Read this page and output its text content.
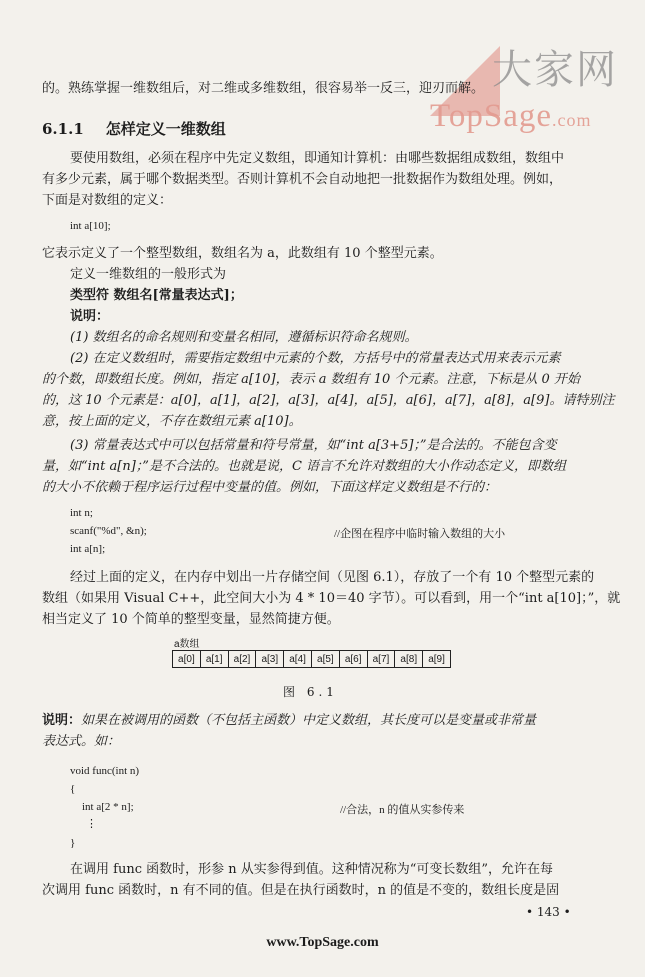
大家网
TopSage.com
的。熟练掌握一维数组后，对二维或多维数组，很容易举一反三，迎刃而解。
6.1.1 怎样定义一维数组
要使用数组，必须在程序中先定义数组，即通知计算机：由哪些数据组成数组，数组中
有多少元素，属于哪个数据类型。否则计算机不会自动地把一批数据作为数组处理。例如，
下面是对数组的定义：
int a[10];
它表示定义了一个整型数组，数组名为 a，此数组有 10 个整型元素。
定义一维数组的一般形式为
类型符 数组名[常量表达式]；
说明：
(1) 数组名的命名规则和变量名相同，遵循标识符命名规则。
(2) 在定义数组时，需要指定数组中元素的个数，方括号中的常量表达式用来表示元素
的个数，即数组长度。例如，指定 a[10]，表示 a 数组有 10 个元素。注意，下标是从 0 开始
的，这 10 个元素是：a[0]，a[1]，a[2]，a[3]，a[4]，a[5]，a[6]，a[7]，a[8]，a[9]。请特别注
意，按上面的定义，不存在数组元素 a[10]。
(3) 常量表达式中可以包括常量和符号常量，如“int a[3+5]；”是合法的。不能包含变
量，如“int a[n]；”是不合法的。也就是说，C 语言不允许对数组的大小作动态定义，即数组
的大小不依赖于程序运行过程中变量的值。例如，下面这样定义数组是不行的：
int n;
scanf("%d", &n);	//企图在程序中临时输入数组的大小
int a[n];
经过上面的定义，在内存中划出一片存储空间（见图 6.1），存放了一个有 10 个整型元素的
数组（如果用 Visual C++，此空间大小为 4 * 10＝40 字节）。可以看到，用一个“int a[10]；”，就
相当定义了 10 个简单的整型变量，显然简捷方便。
a数组
a[0]	a[1]	a[2]	a[3]	a[4]	a[5]	a[6]	a[7]	a[8]	a[9]
图 6.1
说明：如果在被调用的函数（不包括主函数）中定义数组，其长度可以是变量或非常量
表达式。如：
void func(int n)
{
int a[2 * n];	//合法，n 的值从实参传来
⋮
}
在调用 func 函数时，形参 n 从实参得到值。这种情况称为“可变长数组”，允许在每
次调用 func 函数时，n 有不同的值。但是在执行函数时，n 的值是不变的，数组长度是固
• 143 •
www.TopSage.com
